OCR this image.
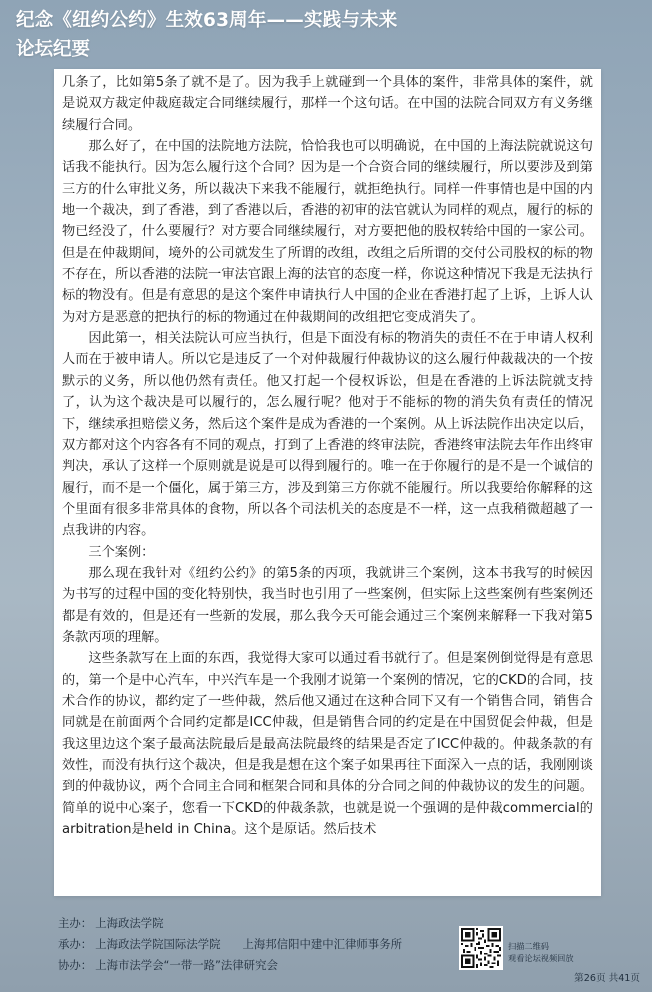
纪念《纽约公约》生效63周年——实践与未来
论坛纪要

几条了，比如第5条了就不是了。因为我手上就碰到一个具体的案件，非常具体的案件，就是说双方裁定仲裁庭裁定合同继续履行，那样一个这句话。在中国的法院合同双方有义务继续履行合同。

那么好了，在中国的法院地方法院，恰恰我也可以明确说，在中国的上海法院就说这句话我不能执行。因为怎么履行这个合同？因为是一个合资合同的继续履行，所以要涉及到第三方的什么审批义务，所以裁决下来我不能履行，就拒绝执行。同样一件事情也是中国的内地一个裁决，到了香港，到了香港以后，香港的初审的法官就认为同样的观点，履行的标的物已经没了，什么要履行？对方要合同继续履行，对方要把他的股权转给中国的一家公司。但是在仲裁期间，境外的公司就发生了所谓的改组，改组之后所谓的交付公司股权的标的物不存在，所以香港的法院一审法官跟上海的法官的态度一样，你说这种情况下我是无法执行标的物没有。但是有意思的是这个案件申请执行人中国的企业在香港打起了上诉，上诉人认为对方是恶意的把执行的标的物通过在仲裁期间的改组把它变成消失了。

因此第一，相关法院认可应当执行，但是下面没有标的物消失的责任不在于申请人权利人而在于被申请人。所以它是违反了一个对仲裁履行仲裁协议的这么履行仲裁裁决的一个按默示的义务，所以他仍然有责任。他又打起一个侵权诉讼，但是在香港的上诉法院就支持了，认为这个裁决是可以履行的，怎么履行呢？他对于不能标的物的消失负有责任的情况下，继续承担赔偿义务，然后这个案件是成为香港的一个案例。从上诉法院作出决定以后，双方都对这个内容各有不同的观点，打到了上香港的终审法院，香港终审法院去年作出终审判决，承认了这样一个原则就是说是可以得到履行的。唯一在于你履行的是不是一个诚信的履行，而不是一个僵化，属于第三方，涉及到第三方你就不能履行。所以我要给你解释的这个里面有很多非常具体的食物，所以各个司法机关的态度是不一样，这一点我稍微超越了一点我讲的内容。

三个案例：

那么现在我针对《纽约公约》的第5条的丙项，我就讲三个案例，这本书我写的时候因为书写的过程中国的变化特别快，我当时也引用了一些案例，但实际上这些案例有些案例还都是有效的，但是还有一些新的发展，那么我今天可能会通过三个案例来解释一下我对第5条款丙项的理解。

这些条款写在上面的东西，我觉得大家可以通过看书就行了。但是案例倒觉得是有意思的，第一个是中心汽车，中兴汽车是一个我刚才说第一个案例的情况，它的CKD的合同，技术合作的协议，都约定了一些仲裁，然后他又通过在这种合同下又有一个销售合同，销售合同就是在前面两个合同约定都是ICC仲裁，但是销售合同的约定是在中国贸促会仲裁，但是我这里边这个案子最高法院最后是最高法院最终的结果是否定了ICC仲裁的。仲裁条款的有效性，而没有执行这个裁决，但是我是想在这个案子如果再往下面深入一点的话，我刚刚谈到的仲裁协议，两个合同主合同和框架合同和具体的分合同之间的仲裁协议的发生的问题。简单的说中心案子，您看一下CKD的仲裁条款，也就是说一个强调的是仲裁commercial的 arbitration是held in China。这个是原话。然后技术

主办： 上海政法学院
承办： 上海政法学院国际法学院 上海邦信阳中建中汇律师事务所
协办： 上海市法学会“一带一路”法律研究会
扫描二维码
观看论坛视频回放
第26页 共41页
